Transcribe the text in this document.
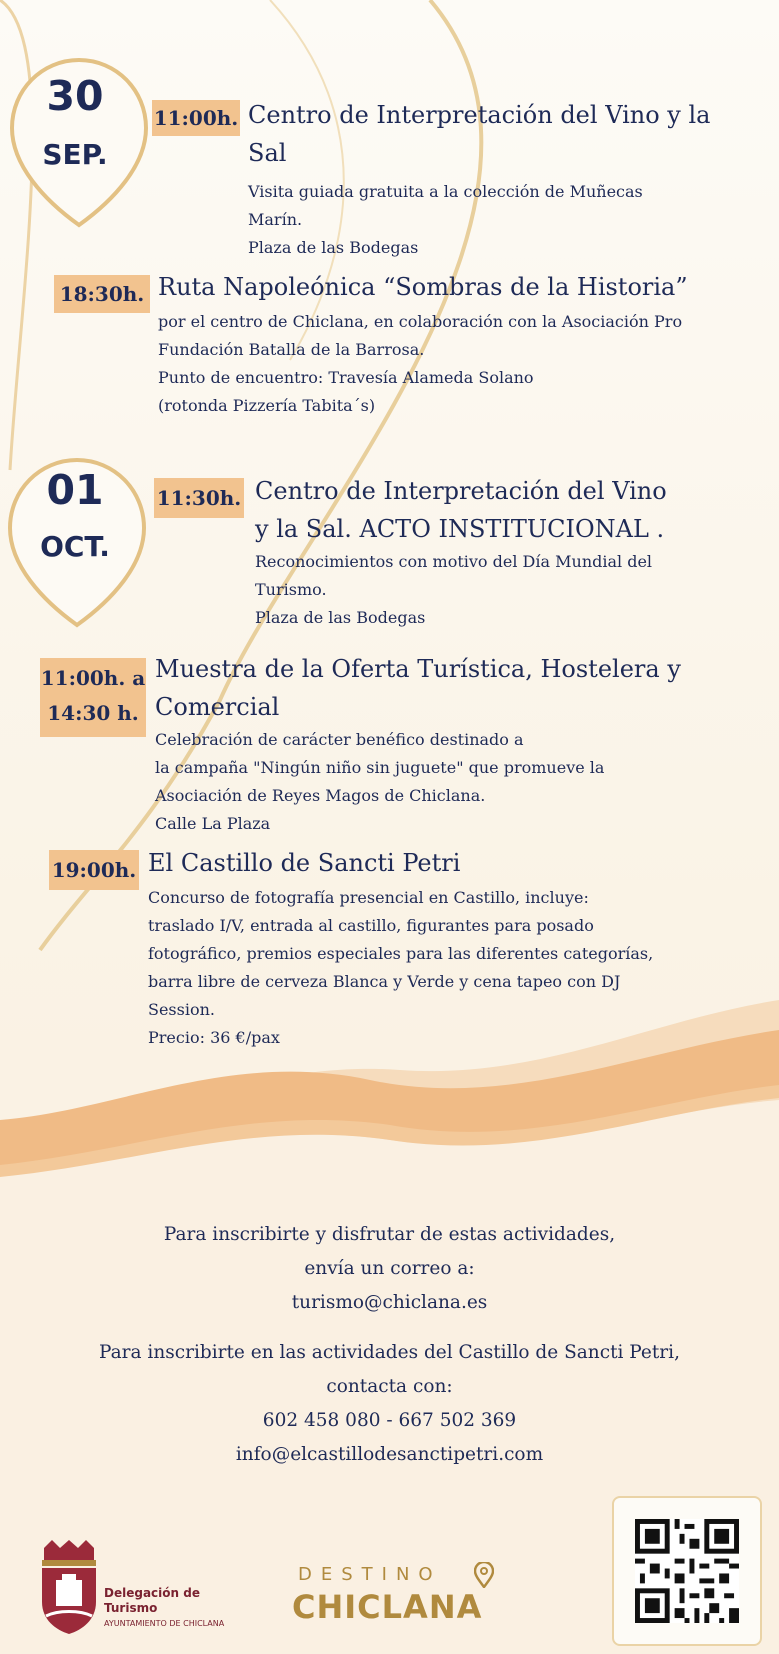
30
SEP.
11:00h. Centro de Interpretación del Vino y la
Sal
Visita guiada gratuita a la colección de Muñecas
Marín.
Plaza de las Bodegas
18:30h. Ruta Napoleónica “Sombras de la Historia”
por el centro de Chiclana, en colaboración con la Asociación Pro
Fundación Batalla de la Barrosa.
Punto de encuentro: Travesía Alameda Solano
(rotonda Pizzería Tabita´s)
01
OCT.
11:30h. Centro de Interpretación del Vino
y la Sal. ACTO INSTITUCIONAL .
Reconocimientos con motivo del Día Mundial del
Turismo.
Plaza de las Bodegas
11:00h. a
14:30 h.
Muestra de la Oferta Turística, Hostelera y
Comercial
Celebración de carácter benéfico destinado a
la campaña "Ningún niño sin juguete" que promueve la
Asociación de Reyes Magos de Chiclana.
Calle La Plaza
19:00h. El Castillo de Sancti Petri
Concurso de fotografía presencial en Castillo, incluye:
traslado I/V, entrada al castillo, figurantes para posado
fotográfico, premios especiales para las diferentes categorías,
barra libre de cerveza Blanca y Verde y cena tapeo con DJ
Session.
Precio: 36 €/pax
Para inscribirte y disfrutar de estas actividades,
envía un correo a:
turismo@chiclana.es
Para inscribirte en las actividades del Castillo de Sancti Petri,
contacta con:
602 458 080 - 667 502 369
info@elcastillodesanctipetri.com
Delegación de
Turismo
AYUNTAMIENTO DE CHICLANA
DESTINO
CHICLANA
